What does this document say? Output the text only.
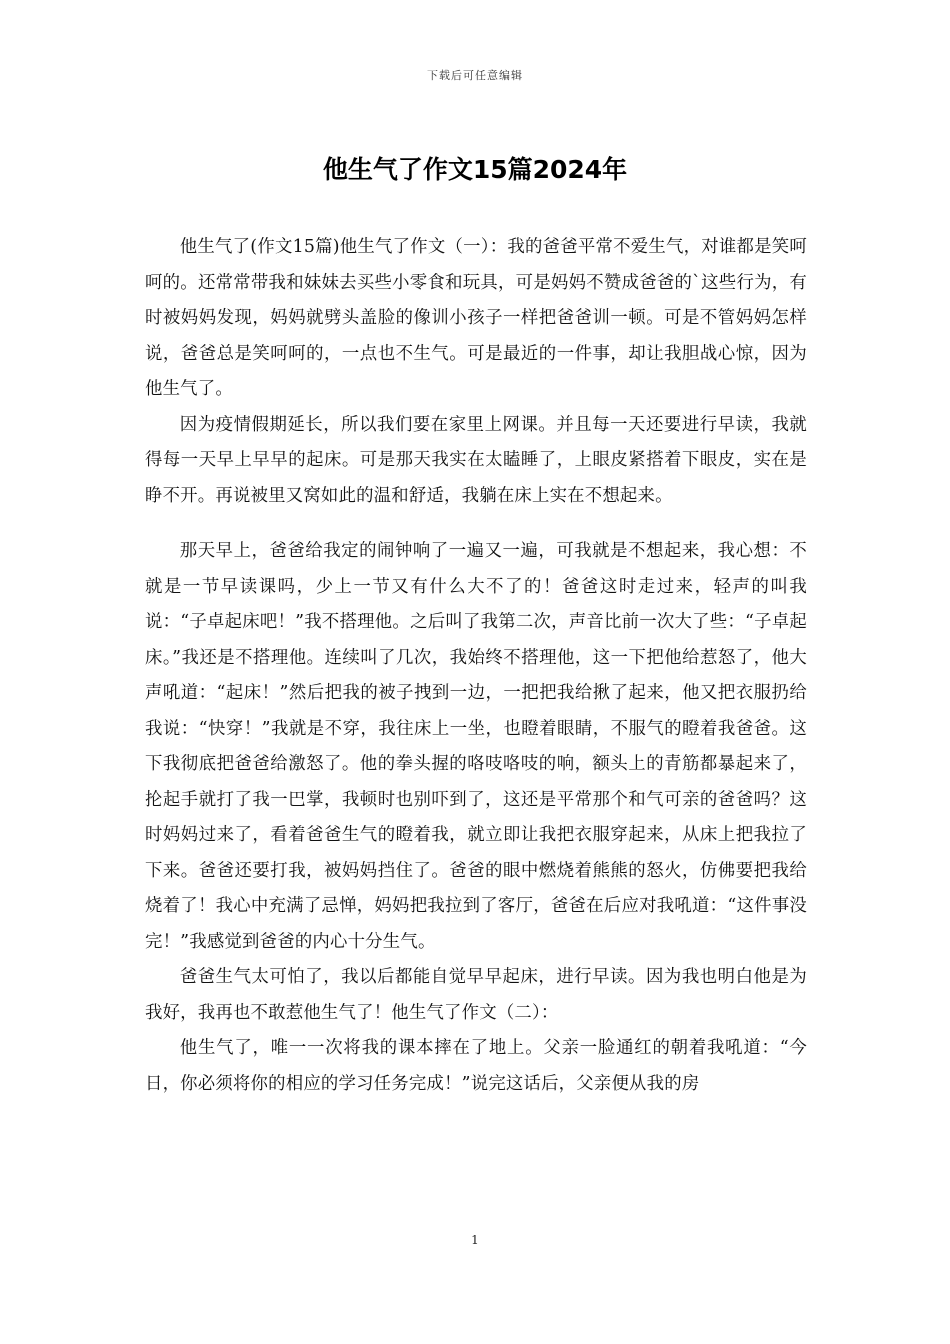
下载后可任意编辑
他生气了作文15篇2024年

他生气了(作文15篇)他生气了作文（一）：我的爸爸平常不爱生气，对谁都是笑呵呵的。还常常带我和妹妹去买些小零食和玩具，可是妈妈不赞成爸爸的`这些行为，有时被妈妈发现，妈妈就劈头盖脸的像训小孩子一样把爸爸训一顿。可是不管妈妈怎样说，爸爸总是笑呵呵的，一点也不生气。可是最近的一件事，却让我胆战心惊，因为他生气了。

因为疫情假期延长，所以我们要在家里上网课。并且每一天还要进行早读，我就得每一天早上早早的起床。可是那天我实在太瞌睡了，上眼皮紧搭着下眼皮，实在是睁不开。再说被里又窝如此的温和舒适，我躺在床上实在不想起来。

那天早上，爸爸给我定的闹钟响了一遍又一遍，可我就是不想起来，我心想：不就是一节早读课吗，少上一节又有什么大不了的！爸爸这时走过来，轻声的叫我说：“子卓起床吧！”我不搭理他。之后叫了我第二次，声音比前一次大了些：“子卓起床。”我还是不搭理他。连续叫了几次，我始终不搭理他，这一下把他给惹怒了，他大声吼道：“起床！”然后把我的被子拽到一边，一把把我给揪了起来，他又把衣服扔给我说：“快穿！”我就是不穿，我往床上一坐，也瞪着眼睛，不服气的瞪着我爸爸。这下我彻底把爸爸给激怒了。他的拳头握的咯吱咯吱的响，额头上的青筋都暴起来了，抡起手就打了我一巴掌，我顿时也别吓到了，这还是平常那个和气可亲的爸爸吗？这时妈妈过来了，看着爸爸生气的瞪着我，就立即让我把衣服穿起来，从床上把我拉了下来。爸爸还要打我，被妈妈挡住了。爸爸的眼中燃烧着熊熊的怒火，仿佛要把我给烧着了！我心中充满了忌惮，妈妈把我拉到了客厅，爸爸在后应对我吼道：“这件事没完！”我感觉到爸爸的内心十分生气。

爸爸生气太可怕了，我以后都能自觉早早起床，进行早读。因为我也明白他是为我好，我再也不敢惹他生气了！他生气了作文（二）：

他生气了，唯一一次将我的课本摔在了地上。父亲一脸通红的朝着我吼道：“今日，你必须将你的相应的学习任务完成！”说完这话后，父亲便从我的房

1
